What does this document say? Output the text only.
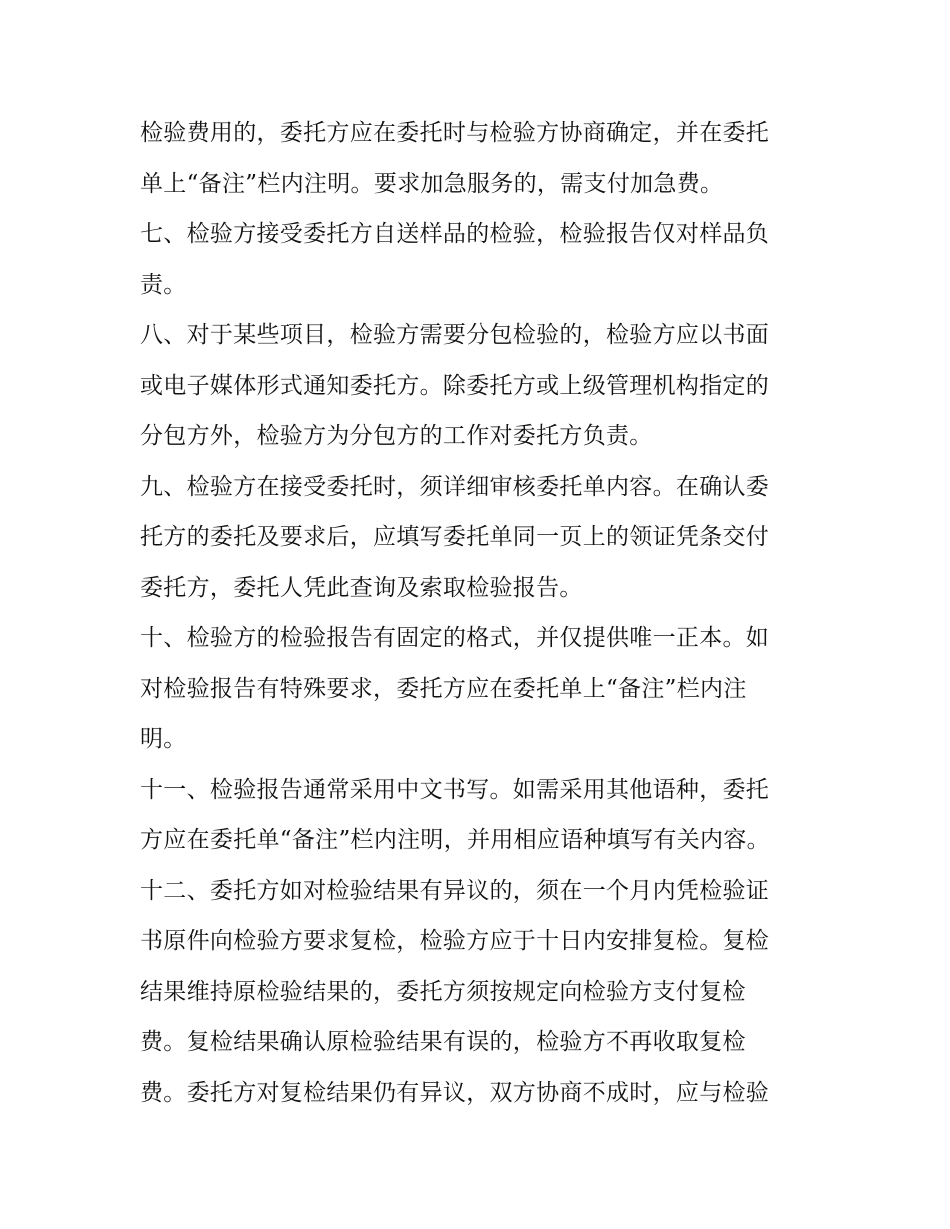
检验费用的，委托方应在委托时与检验方协商确定，并在委托
单上“备注”栏内注明。要求加急服务的，需支付加急费。
七、检验方接受委托方自送样品的检验，检验报告仅对样品负
责。
八、对于某些项目，检验方需要分包检验的，检验方应以书面
或电子媒体形式通知委托方。除委托方或上级管理机构指定的
分包方外，检验方为分包方的工作对委托方负责。
九、检验方在接受委托时，须详细审核委托单内容。在确认委
托方的委托及要求后，应填写委托单同一页上的领证凭条交付
委托方，委托人凭此查询及索取检验报告。
十、检验方的检验报告有固定的格式，并仅提供唯一正本。如
对检验报告有特殊要求，委托方应在委托单上“备注”栏内注
明。
十一、检验报告通常采用中文书写。如需采用其他语种，委托
方应在委托单“备注”栏内注明，并用相应语种填写有关内容。
十二、委托方如对检验结果有异议的，须在一个月内凭检验证
书原件向检验方要求复检，检验方应于十日内安排复检。复检
结果维持原检验结果的，委托方须按规定向检验方支付复检
费。复检结果确认原检验结果有误的，检验方不再收取复检
费。委托方对复检结果仍有异议，双方协商不成时，应与检验
